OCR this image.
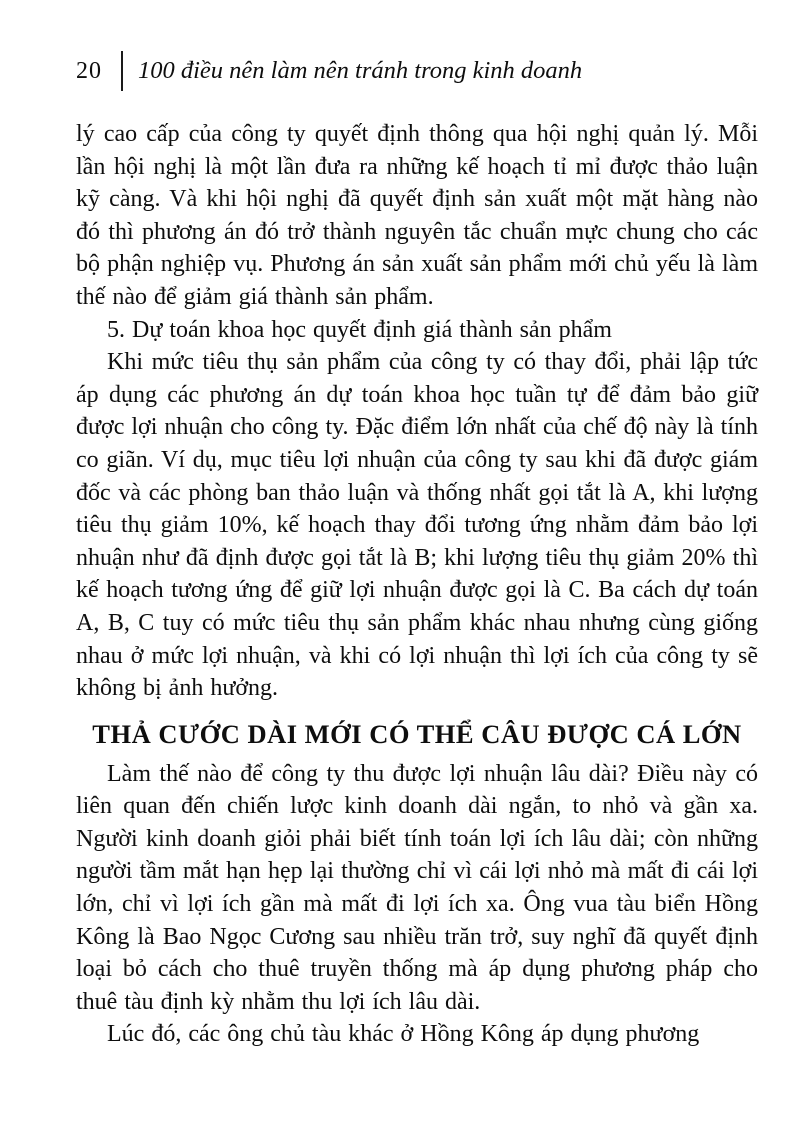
20 100 điều nên làm nên tránh trong kinh doanh

lý cao cấp của công ty quyết định thông qua hội nghị quản lý. Mỗi lần hội nghị là một lần đưa ra những kế hoạch tỉ mỉ được thảo luận kỹ càng. Và khi hội nghị đã quyết định sản xuất một mặt hàng nào đó thì phương án đó trở thành nguyên tắc chuẩn mực chung cho các bộ phận nghiệp vụ. Phương án sản xuất sản phẩm mới chủ yếu là làm thế nào để giảm giá thành sản phẩm.

5. Dự toán khoa học quyết định giá thành sản phẩm

Khi mức tiêu thụ sản phẩm của công ty có thay đổi, phải lập tức áp dụng các phương án dự toán khoa học tuần tự để đảm bảo giữ được lợi nhuận cho công ty. Đặc điểm lớn nhất của chế độ này là tính co giãn. Ví dụ, mục tiêu lợi nhuận của công ty sau khi đã được giám đốc và các phòng ban thảo luận và thống nhất gọi tắt là A, khi lượng tiêu thụ giảm 10%, kế hoạch thay đổi tương ứng nhằm đảm bảo lợi nhuận như đã định được gọi tắt là B; khi lượng tiêu thụ giảm 20% thì kế hoạch tương ứng để giữ lợi nhuận được gọi là C. Ba cách dự toán A, B, C tuy có mức tiêu thụ sản phẩm khác nhau nhưng cùng giống nhau ở mức lợi nhuận, và khi có lợi nhuận thì lợi ích của công ty sẽ không bị ảnh hưởng.

THẢ CƯỚC DÀI MỚI CÓ THỂ CÂU ĐƯỢC CÁ LỚN

Làm thế nào để công ty thu được lợi nhuận lâu dài? Điều này có liên quan đến chiến lược kinh doanh dài ngắn, to nhỏ và gần xa. Người kinh doanh giỏi phải biết tính toán lợi ích lâu dài; còn những người tầm mắt hạn hẹp lại thường chỉ vì cái lợi nhỏ mà mất đi cái lợi lớn, chỉ vì lợi ích gần mà mất đi lợi ích xa. Ông vua tàu biển Hồng Kông là Bao Ngọc Cương sau nhiều trăn trở, suy nghĩ đã quyết định loại bỏ cách cho thuê truyền thống mà áp dụng phương pháp cho thuê tàu định kỳ nhằm thu lợi ích lâu dài.

Lúc đó, các ông chủ tàu khác ở Hồng Kông áp dụng phương
